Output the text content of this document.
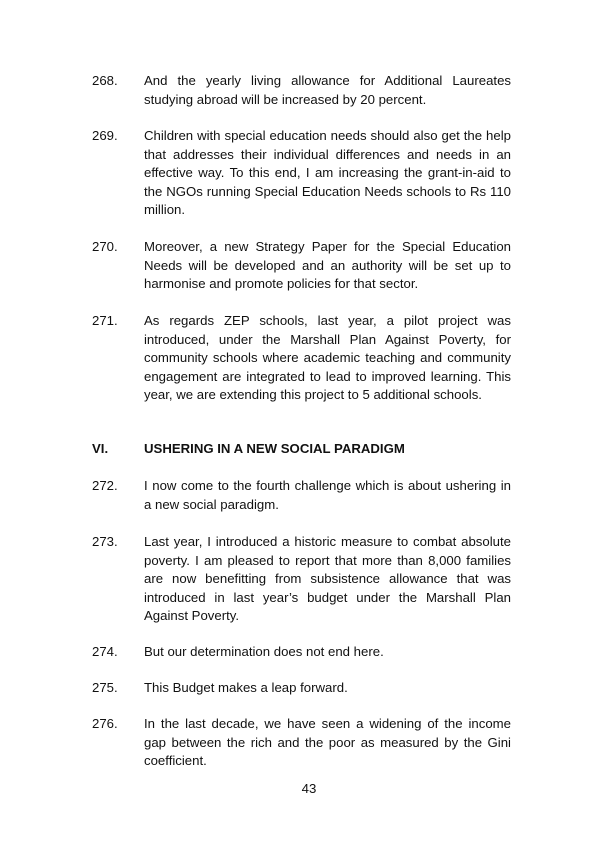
268.	And the yearly living allowance for Additional Laureates studying abroad will be increased by 20 percent.
269.	Children with special education needs should also get the help that addresses their individual differences and needs in an effective way. To this end, I am increasing the grant-in-aid to the NGOs running Special Education Needs schools to Rs 110 million.
270.	Moreover, a new Strategy Paper for the Special Education Needs will be developed and an authority will be set up to harmonise and promote policies for that sector.
271.	As regards ZEP schools, last year, a pilot project was introduced, under the Marshall Plan Against Poverty, for community schools where academic teaching and community engagement are integrated to lead to improved learning. This year, we are extending this project to 5 additional schools.
VI.	USHERING IN A NEW SOCIAL PARADIGM
272.	I now come to the fourth challenge which is about ushering in a new social paradigm.
273.	Last year, I introduced a historic measure to combat absolute poverty. I am pleased to report that more than 8,000 families are now benefitting from subsistence allowance that was introduced in last year’s budget under the Marshall Plan Against Poverty.
274.	But our determination does not end here.
275.	This Budget makes a leap forward.
276.	In the last decade, we have seen a widening of the income gap between the rich and the poor as measured by the Gini coefficient.
43
